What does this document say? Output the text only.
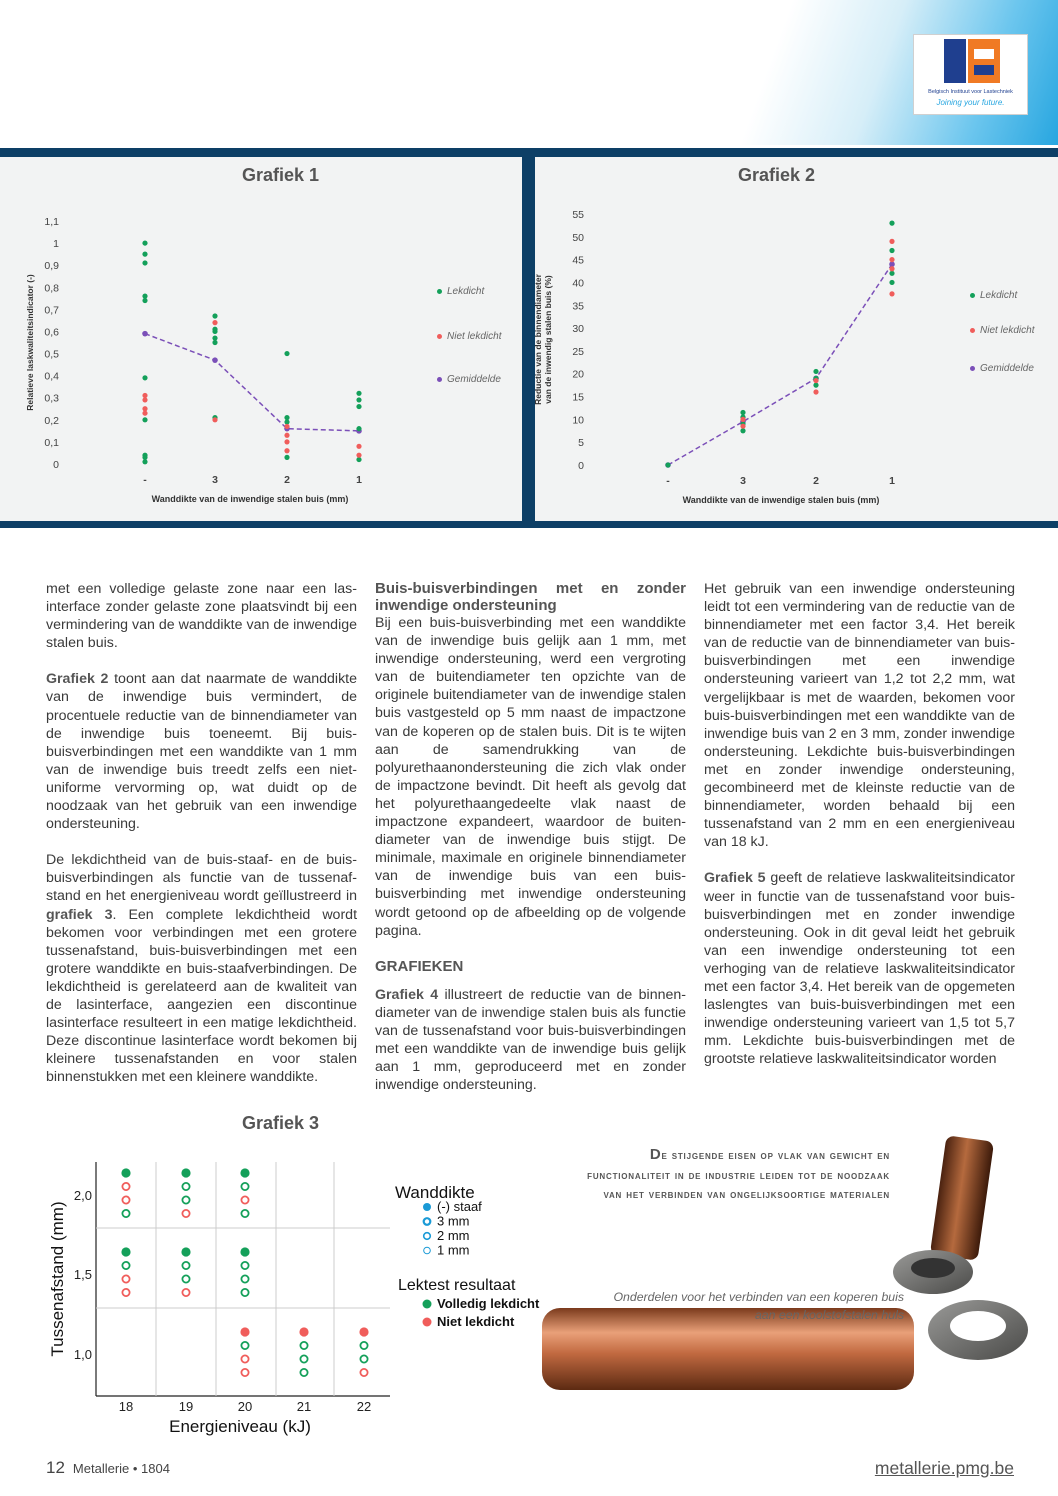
Belgisch Instituut voor Lastechniek
Joining your future.
Grafiek 1
0
0,1
0,2
0,3
0,4
0,5
0,6
0,7
0,8
0,9
1
1,1
-	3	2	1
Wanddikte van de inwendige stalen buis (mm)
Relatieve laskwaliteitsindicator (-)	Lekdicht
Niet lekdicht
Gemiddelde
Grafiek 2
0
5
10
15
20
25
30
35
40
45
50
55
-	3	2	1
Wanddikte van de inwendige stalen buis (mm)
Reductie van de binnendiametervan de inwendig stalen buis (%)	Lekdicht
Niet lekdicht
Gemiddelde

met een volledige gelaste zone naar een lasinterface zonder gelaste zone plaatsvindt bij een vermindering van de wanddikte van de inwendige stalen buis.

Grafiek 2 toont aan dat naarmate de wanddikte van de inwendige buis vermindert, de procentuele reductie van de binnendiameter van de inwendige buis toeneemt. Bij buis-buisverbindingen met een wanddikte van 1 mm van de inwendige buis treedt zelfs een niet-uniforme vervorming op, wat duidt op de noodzaak van het gebruik van een inwendige ondersteuning.

De lekdichtheid van de buis-staaf- en de buis-buisverbindingen als functie van de tussenafstand en het energieniveau wordt geïllustreerd in grafiek 3. Een complete lekdichtheid wordt bekomen voor verbindingen met een grotere tussenafstand, buis-buisverbindingen met een grotere wanddikte en buis-staafverbindingen. De lekdichtheid is gerelateerd aan de kwaliteit van de lasinterface, aangezien een discontinue lasinterface resulteert in een matige lekdichtheid. Deze discontinue lasinterface wordt bekomen bij kleinere tussenafstanden en voor stalen binnenstukken met een kleinere wanddikte.

Buis-buisverbindingen met en zonder inwendige ondersteuning

Bij een buis-buisverbinding met een wanddikte van de inwendige buis gelijk aan 1 mm, met inwendige ondersteuning, werd een vergroting van de buitendiameter ten opzichte van de originele buitendiameter van de inwendige stalen buis vastgesteld op 5 mm naast de impactzone van de koperen op de stalen buis. Dit is te wijten aan de samendrukking van de polyurethaanondersteuning die zich vlak onder de impactzone bevindt. Dit heeft als gevolg dat het polyurethaangedeelte vlak naast de impactzone expandeert, waardoor de buitendiameter van de inwendige buis stijgt. De minimale, maximale en originele binnendiameter van de inwendige buis van een buis-buisverbinding met inwendige ondersteuning wordt getoond op de afbeelding op de volgende pagina.

GRAFIEKEN

Grafiek 4 illustreert de reductie van de binnendiameter van de inwendige stalen buis als functie van de tussenafstand voor buis-buisverbindingen met een wanddikte van de inwendige buis gelijk aan 1 mm, geproduceerd met en zonder inwendige ondersteuning.

Het gebruik van een inwendige ondersteuning leidt tot een vermindering van de reductie van de binnendiameter met een factor 3,4. Het bereik van de reductie van de binnendiameter van buis-buisverbindingen met een inwendige ondersteuning varieert van 1,2 tot 2,2 mm, wat vergelijkbaar is met de waarden, bekomen voor buis-buisverbindingen met een wanddikte van de inwendige buis van 2 en 3 mm, zonder inwendige ondersteuning. Lekdichte buis-buisverbindingen met en zonder inwendige ondersteuning, gecombineerd met de kleinste reductie van de binnendiameter, worden behaald bij een tussenafstand van 2 mm en een energieniveau van 18 kJ.

Grafiek 5 geeft de relatieve laskwaliteitsindicator weer in functie van de tussenafstand voor buis-buisverbindingen met en zonder inwendige ondersteuning. Ook in dit geval leidt het gebruik van een inwendige ondersteuning tot een verhoging van de relatieve laskwaliteitsindicator met een factor 3,4. Het bereik van de opgemeten laslengtes van buis-buisverbindingen met een inwendige ondersteuning varieert van 1,5 tot 5,7 mm. Lekdichte buis-buisverbindingen met de grootste relatieve laskwaliteitsindicator worden

Grafiek 3
2,0
1,5
1,0
18	19	20	21	22
Energieniveau (kJ)
Tussenafstand (mm)
Wanddikte
(-) staaf
3 mm
2 mm
1 mm
Lektest resultaat
Volledig lekdicht
Niet lekdicht
De stijgende eisen op vlak van gewicht en functionaliteit in de industrie leiden tot de noodzaak van het verbinden van ongelijksoortige materialen
Onderdelen voor het verbinden van een koperen buis aan een koolstofstalen huls
12 Metallerie • 1804	metallerie.pmg.be
